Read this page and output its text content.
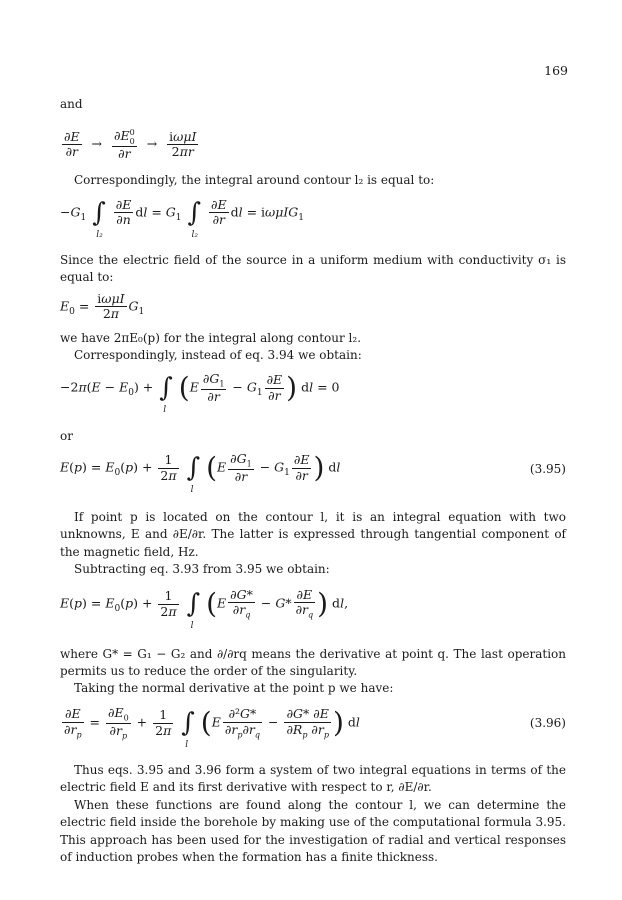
169

and

$\frac{\partial E}{\partial r} \to \frac{\partial E^0_0}{\partial r} \to \frac{\text{iωμI}}{2\pi r}$

Correspondingly, the integral around contour l₂ is equal to:

$-G_1$ ∫
l₂

$\frac{\partial E}{\partial n}$ dl = $G_1$ ∫
l₂

$\frac{\partial E}{\partial r}$ dl = iωμIG$_1$

Since the electric field of the source in a uniform medium with conductivity σ₁ is equal to:

$E_0 = \frac{\text{iωμI}}{2\pi} G_1$

we have 2πE₀(p) for the integral along contour l₂.

Correspondingly, instead of eq. 3.94 we obtain:

$-2\pi(E - E_0)$ + ∫
l
($E \frac{\partial G_1}{\partial r} - G_1 \frac{\partial E}{\partial r}$ ) dl = 0

or

$E(p) = E_0(p) + \frac{1}{2\pi}$ ∫
l
($E \frac{\partial G_1}{\partial r} - G_1 \frac{\partial E}{\partial r}$ ) dl	(3.95)

If point p is located on the contour l, it is an integral equation with two unknowns, E and ∂E/∂r. The latter is expressed through tangential component of the magnetic field, Hz.

Subtracting eq. 3.93 from 3.95 we obtain:

$E(p) = E_0(p) + \frac{1}{2\pi}$ ∫
l
($E \frac{\partial G*}{\partial r_q} - G* \frac{\partial E}{\partial r_q}$ ) dl,

where G* = G₁ − G₂ and ∂/∂rq means the derivative at point q. The last operation permits us to reduce the order of the singularity.

Taking the normal derivative at the point p we have:

$\frac{\partial E}{\partial r_p} = \frac{\partial E_0}{\partial r_p} + \frac{1}{2\pi}$ ∫
l
($E \frac{\text{∂²G*}}{\partial r_p\partial r_q} - \frac{\partial G* \partial E}{\partial R_p \partial r_p}$ ) dl	(3.96)

Thus eqs. 3.95 and 3.96 form a system of two integral equations in terms of the electric field E and its first derivative with respect to r, ∂E/∂r.

When these functions are found along the contour l, we can determine the electric field inside the borehole by making use of the computational formula 3.95. This approach has been used for the investigation of radial and vertical responses of induction probes when the formation has a finite thickness.
